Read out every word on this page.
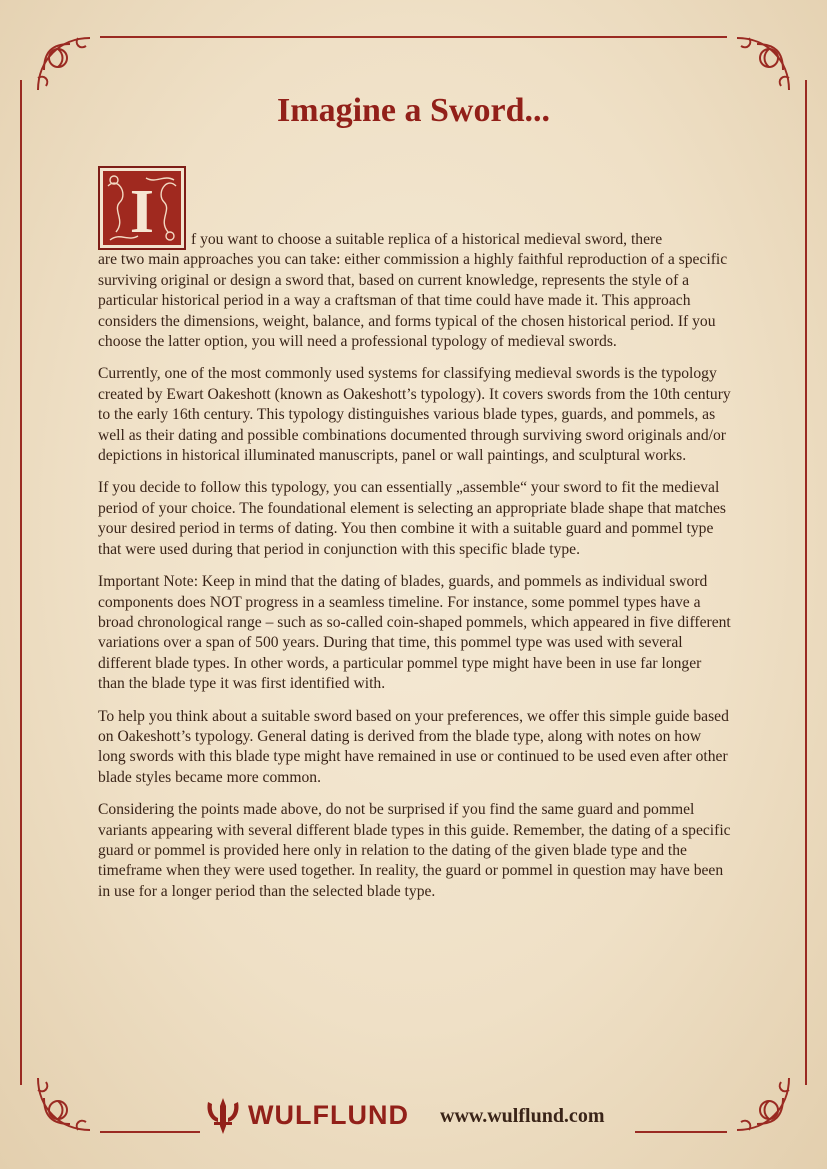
Imagine a Sword...

I	f you want to choose a suitable replica of a historical medieval sword, there
are two main approaches you can take: either commission a highly faithful reproduction of a specific surviving original or design a sword that, based on current knowledge, represents the style of a particular historical period in a way a craftsman of that time could have made it. This approach considers the dimensions, weight, balance, and forms typical of the chosen historical period. If you choose the latter option, you will need a professional typology of medieval swords.

Currently, one of the most commonly used systems for classifying medieval swords is the typology created by Ewart Oakeshott (known as Oakeshott’s typology). It covers swords from the 10th century to the early 16th century. This typology distinguishes various blade types, guards, and pommels, as well as their dating and possible combinations documented through surviving sword originals and/or depictions in historical illuminated manuscripts, panel or wall paintings, and sculptural works.

If you decide to follow this typology, you can essentially „assemble“ your sword to fit the medieval period of your choice. The foundational element is selecting an appropriate blade shape that matches your desired period in terms of dating. You then combine it with a suitable guard and pommel type that were used during that period in conjunction with this specific blade type.

Important Note: Keep in mind that the dating of blades, guards, and pommels as individual sword components does NOT progress in a seamless timeline. For instance, some pommel types have a broad chronological range – such as so-called coin-shaped pommels, which appeared in five different variations over a span of 500 years. During that time, this pommel type was used with several different blade types. In other words, a particular pommel type might have been in use far longer than the blade type it was first identified with.

To help you think about a suitable sword based on your preferences, we offer this simple guide based on Oakeshott’s typology. General dating is derived from the blade type, along with notes on how long swords with this blade type might have remained in use or continued to be used even after other blade styles became more common.

Considering the points made above, do not be surprised if you find the same guard and pommel variants appearing with several different blade types in this guide. Remember, the dating of a specific guard or pommel is provided here only in relation to the dating of the given blade type and the timeframe when they were used together. In reality, the guard or pommel in question may have been in use for a longer period than the selected blade type.

WULFLUND www.wulflund.com
